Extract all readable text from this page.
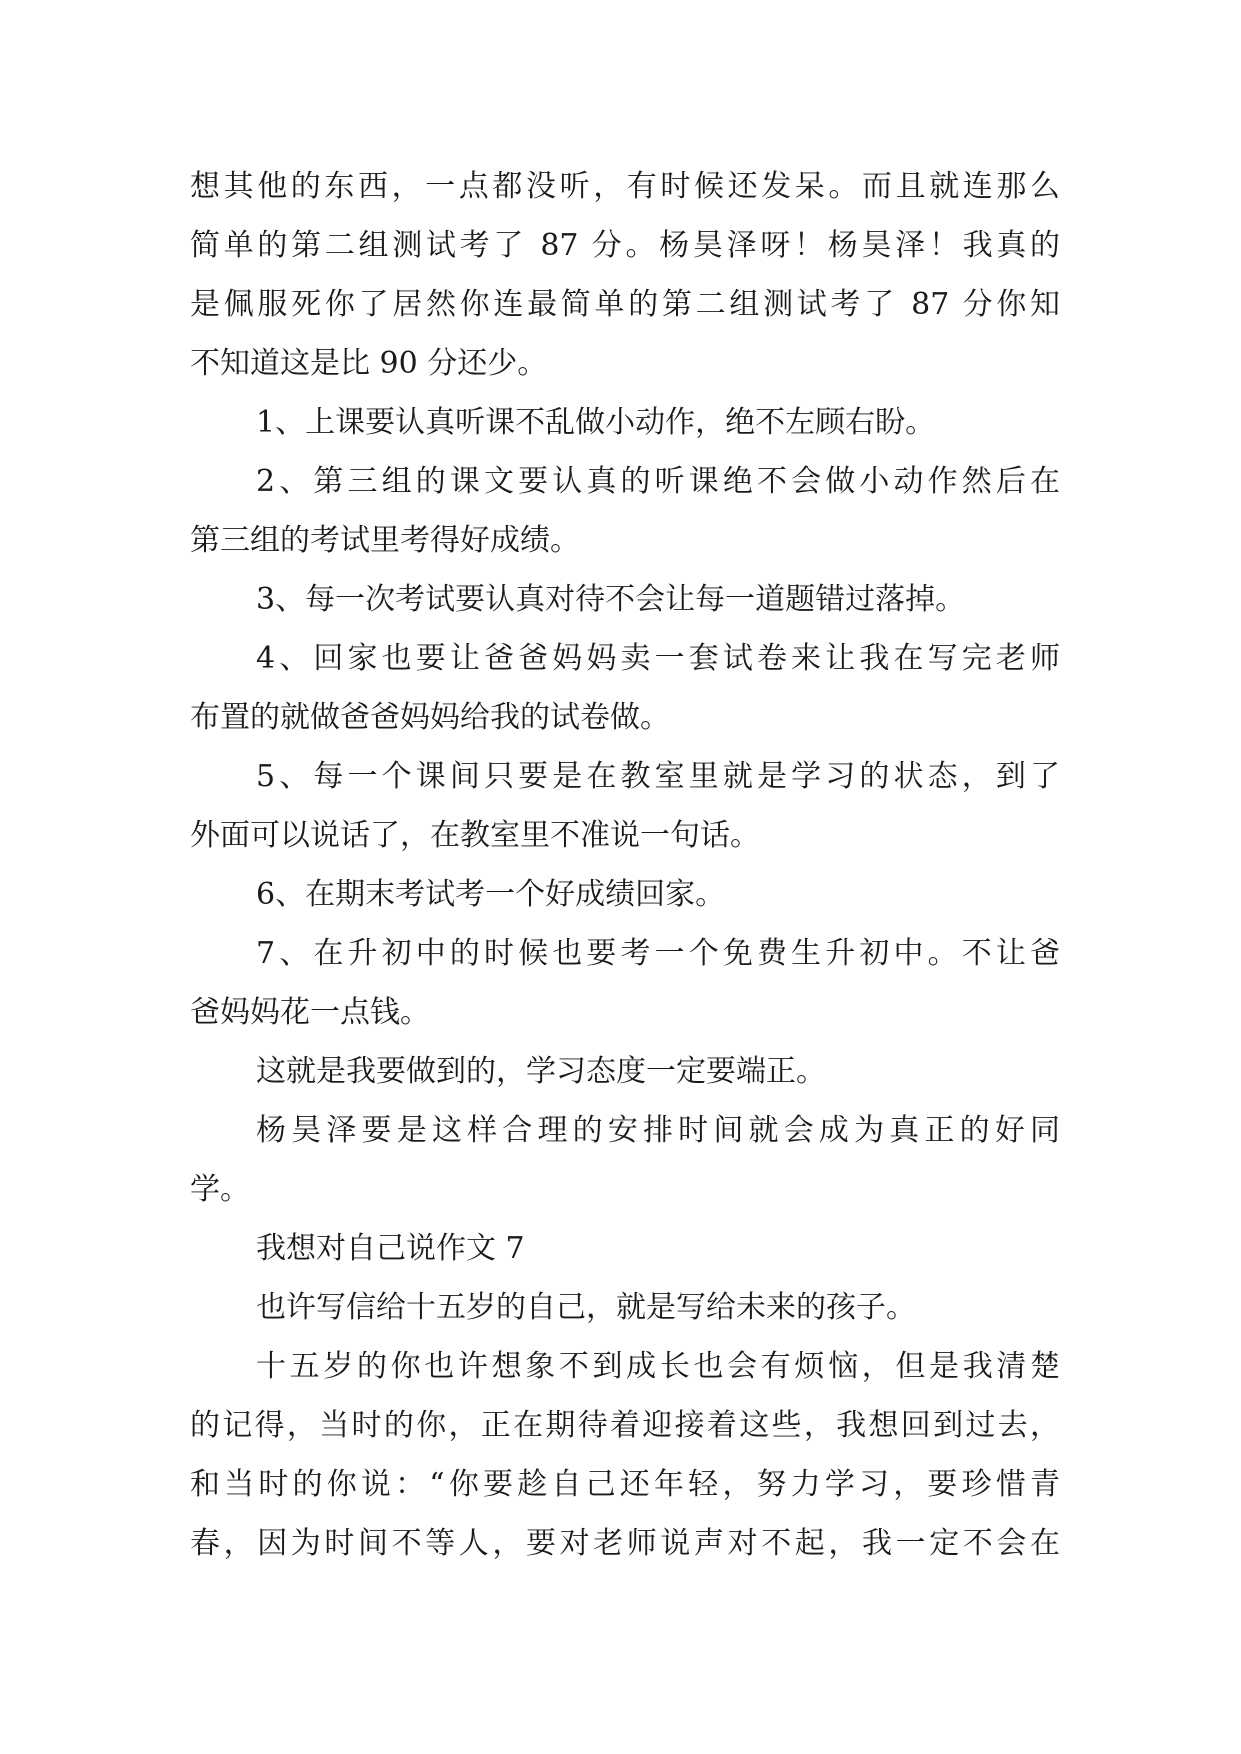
想其他的东西，一点都没听，有时候还发呆。而且就连那么
简单的第二组测试考了 87 分。杨昊泽呀！杨昊泽！我真的
是佩服死你了居然你连最简单的第二组测试考了 87 分你知
不知道这是比 90 分还少。
1、上课要认真听课不乱做小动作，绝不左顾右盼。
2、第三组的课文要认真的听课绝不会做小动作然后在
第三组的考试里考得好成绩。
3、每一次考试要认真对待不会让每一道题错过落掉。
4、回家也要让爸爸妈妈卖一套试卷来让我在写完老师
布置的就做爸爸妈妈给我的试卷做。
5、每一个课间只要是在教室里就是学习的状态，到了
外面可以说话了，在教室里不准说一句话。
6、在期末考试考一个好成绩回家。
7、在升初中的时候也要考一个免费生升初中。不让爸
爸妈妈花一点钱。
这就是我要做到的，学习态度一定要端正。
杨昊泽要是这样合理的安排时间就会成为真正的好同
学。
我想对自己说作文 7
也许写信给十五岁的自己，就是写给未来的孩子。
十五岁的你也许想象不到成长也会有烦恼，但是我清楚
的记得，当时的你，正在期待着迎接着这些，我想回到过去，
和当时的你说：“你要趁自己还年轻，努力学习，要珍惜青
春，因为时间不等人，要对老师说声对不起，我一定不会在
